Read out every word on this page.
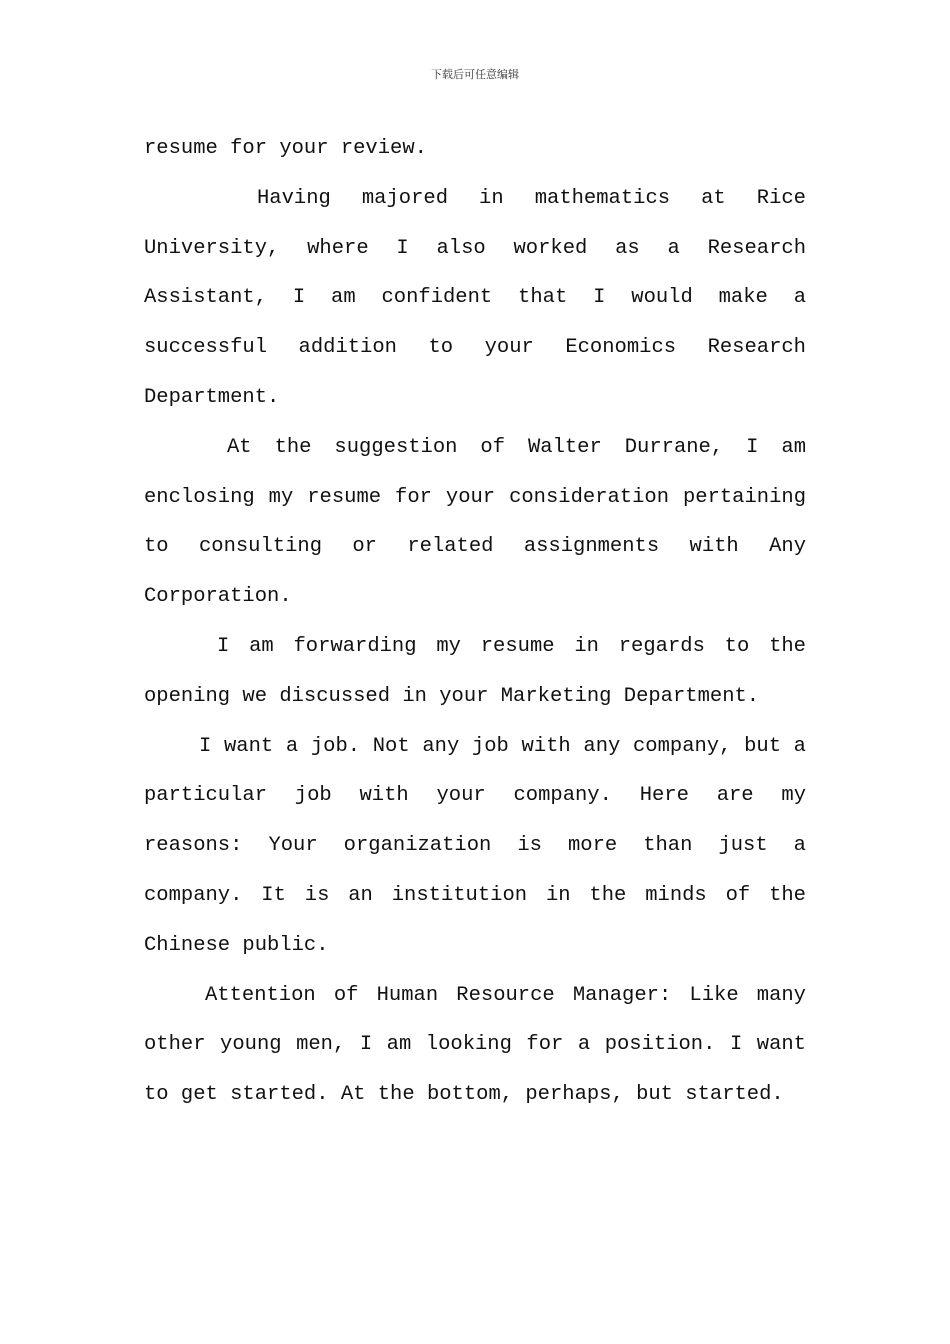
下载后可任意编辑

resume for your review.

Having majored in mathematics at Rice University, where I also worked as a Research Assistant, I am confident that I would make a successful addition to your Economics Research Department.

At the suggestion of Walter Durrane, I am enclosing my resume for your consideration pertaining to consulting or related assignments with Any Corporation.

I am forwarding my resume in regards to the opening we discussed in your Marketing Department.

I want a job. Not any job with any company, but a particular job with your company. Here are my reasons: Your organization is more than just a company. It is an institution in the minds of the Chinese public.

Attention of Human Resource Manager: Like many other young men, I am looking for a position. I want to get started. At the bottom, perhaps, but started.
